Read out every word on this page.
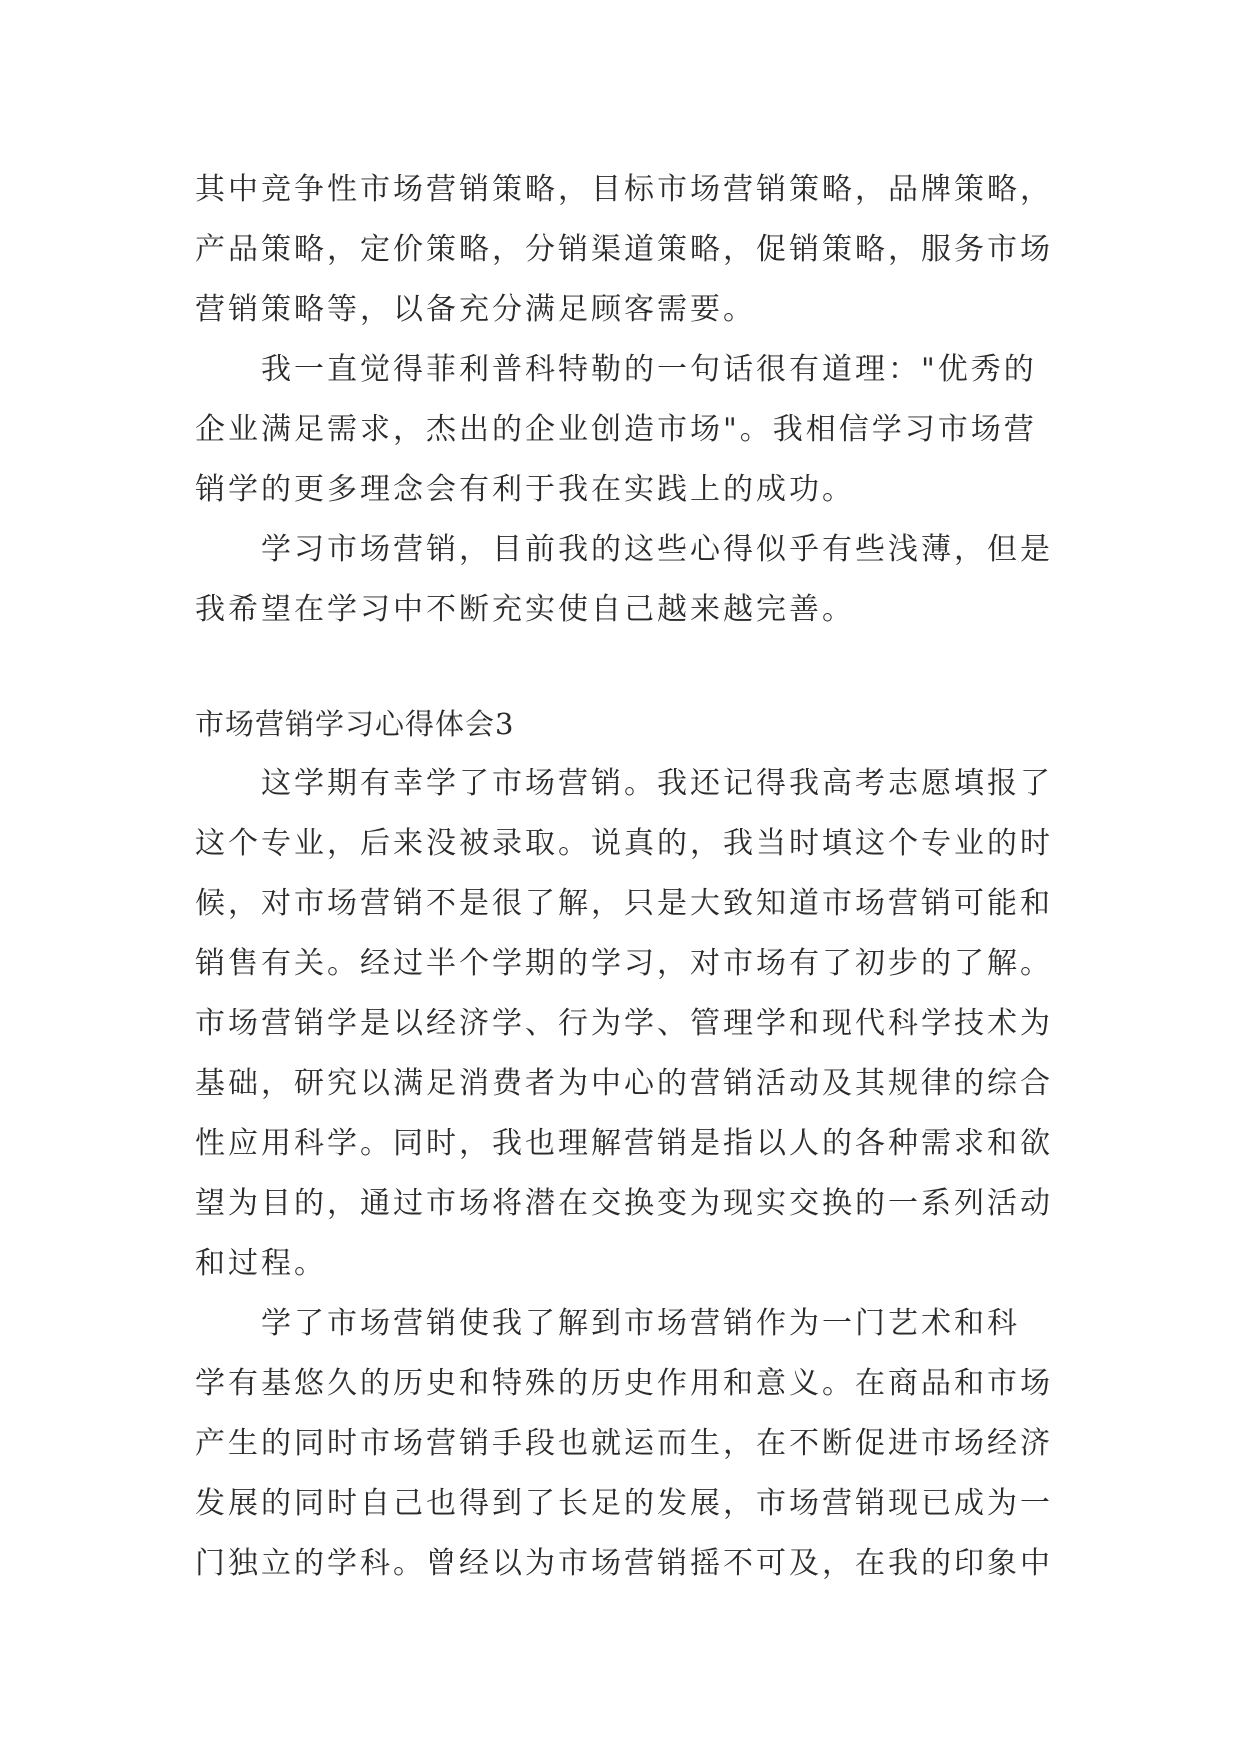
其中竞争性市场营销策略，目标市场营销策略，品牌策略，
产品策略，定价策略，分销渠道策略，促销策略，服务市场
营销策略等，以备充分满足顾客需要。
　　我一直觉得菲利普科特勒的一句话很有道理："优秀的
企业满足需求，杰出的企业创造市场"。我相信学习市场营
销学的更多理念会有利于我在实践上的成功。
　　学习市场营销，目前我的这些心得似乎有些浅薄，但是
我希望在学习中不断充实使自己越来越完善。
市场营销学习心得体会3
　　这学期有幸学了市场营销。我还记得我高考志愿填报了
这个专业，后来没被录取。说真的，我当时填这个专业的时
候，对市场营销不是很了解，只是大致知道市场营销可能和
销售有关。经过半个学期的学习，对市场有了初步的了解。
市场营销学是以经济学、行为学、管理学和现代科学技术为
基础，研究以满足消费者为中心的营销活动及其规律的综合
性应用科学。同时，我也理解营销是指以人的各种需求和欲
望为目的，通过市场将潜在交换变为现实交换的一系列活动
和过程。
　　学了市场营销使我了解到市场营销作为一门艺术和科
学有基悠久的历史和特殊的历史作用和意义。在商品和市场
产生的同时市场营销手段也就运而生，在不断促进市场经济
发展的同时自己也得到了长足的发展，市场营销现已成为一
门独立的学科。曾经以为市场营销摇不可及，在我的印象中
